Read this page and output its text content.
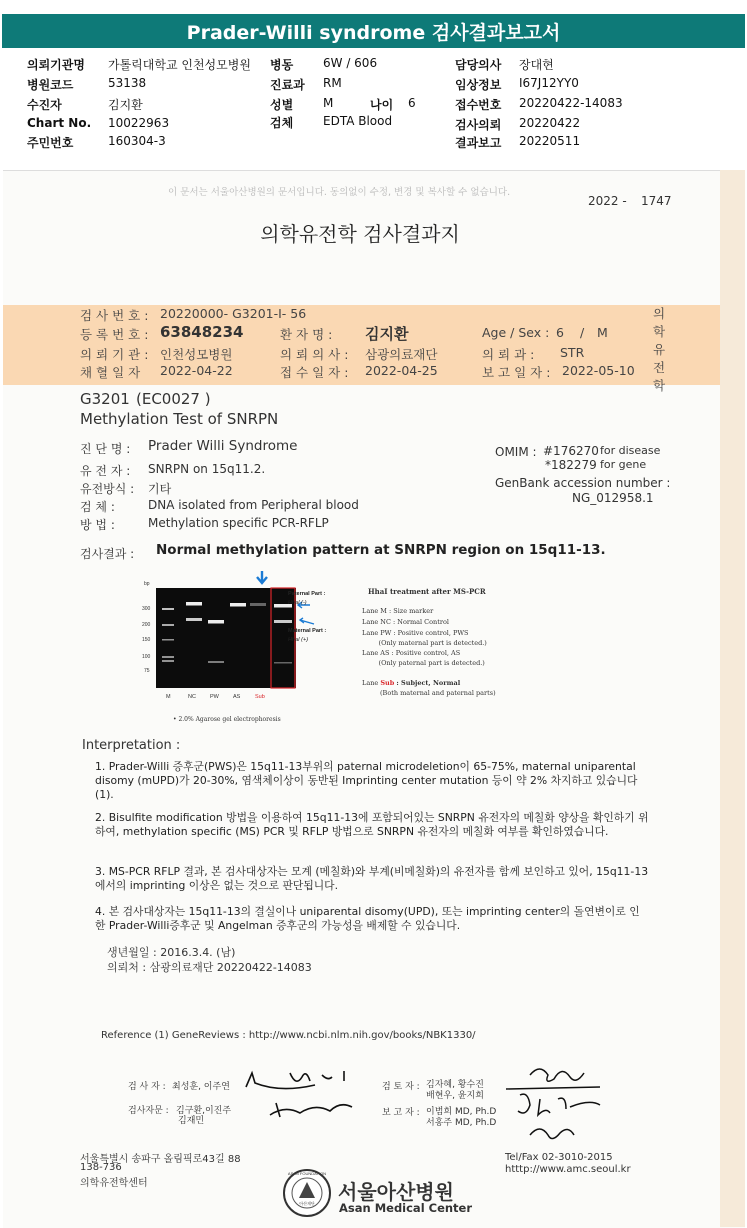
Prader-Willi syndrome 검사결과보고서
의뢰기관명 가톨릭대학교 인천성모병원
병원코드	53138
수진자	김지환
Chart No. 10022963
주민번호	160304-3
병동 6W / 606
진료과 RM
성별 M	나이 6
검체 EDTA Blood
담당의사 장대현
임상정보 I67J12YY0
접수번호 20220422-14083
검사의뢰 20220422
결과보고 20220511
이 문서는 서울아산병원의 문서입니다. 동의없이 수정, 변경 및 복사할 수 없습니다.
2022 - 1747
의학유전학 검사결과지
의학유전학
검 사 번 호 : 20220000- G3201-I- 56
등 록 번 호 : 63848234	환 자 명 : 김지환	Age / Sex : 6 / M
의 뢰 기 관 : 인천성모병원	의 뢰 의 사 : 삼광의료재단	의 뢰 과 : STR
채 혈 일 자 2022-04-22	접 수 일 자 : 2022-04-25	보 고 일 자 : 2022-05-10
G3201 (EC0027 )
Methylation Test of SNRPN
진 단 명 : Prader Willi Syndrome
유 전 자 : SNRPN on 15q11.2.
유전방식 : 기타
검 체 :	DNA isolated from Peripheral blood
방 법 :	Methylation specific PCR-RFLP
OMIM : #176270 for disease
*182279 for gene
GenBank accession number :
NG_012958.1
검사결과 : Normal methylation pattern at SNRPN region on 15q11-13.
bp
300
200
150
100
75
M	NC	PW	AS	Sub
Paternal Part :
HhaI (-)
Maternal Part :
HhaI (+)
• 2.0% Agarose gel electrophoresis
HhaI treatment after MS-PCR
Lane M : Size marker
Lane NC : Normal Control
Lane PW : Positive control, PWS
(Only maternal part is detected.)
Lane AS : Positive control, AS
(Only paternal part is detected.)
Lane Sub : Subject, Normal
(Both maternal and paternal parts)
Interpretation :
1. Prader-Willi 증후군(PWS)은 15q11-13부위의 paternal microdeletion이 65-75%, maternal uniparental disomy (mUPD)가 20-30%, 염색체이상이 동반된 Imprinting center mutation 등이 약 2% 차지하고 있습니다 (1).
2. Bisulfite modification 방법을 이용하여 15q11-13에 포함되어있는 SNRPN 유전자의 메칠화 양상을 확인하기 위하여, methylation specific (MS) PCR 및 RFLP 방법으로 SNRPN 유전자의 메칠화 여부를 확인하였습니다.
3. MS-PCR RFLP 결과, 본 검사대상자는 모계 (메칠화)와 부계(비메칠화)의 유전자를 함께 보인하고 있어, 15q11-13에서의 imprinting 이상은 없는 것으로 판단됩니다.
4. 본 검사대상자는 15q11-13의 결실이나 uniparental disomy(UPD), 또는 imprinting center의 돌연변이로 인한 Prader-Willi증후군 및 Angelman 증후군의 가능성을 배제할 수 있습니다.
생년월일 : 2016.3.4. (남)
의뢰처 : 삼광의료재단 20220422-14083
Reference (1) GeneReviews : http://www.ncbi.nlm.nih.gov/books/NBK1330/
검 사 자 : 최성훈, 이주연
검사자문 : 김구환,이진주
김재민
검 토 자 : 김자혜, 황수진
배현우, 윤지희
보 고 자 : 이범희 MD, Ph.D
서홍주 MD, Ph.D
서울특별시 송파구 올림픽로43길 88
138-736
의학유전학센터
Tel/Fax 02-3010-2015
htttp://www.amc.seoul.kr
ASAN FOUNDATION
아산재단 서울아산병원
Asan Medical Center
